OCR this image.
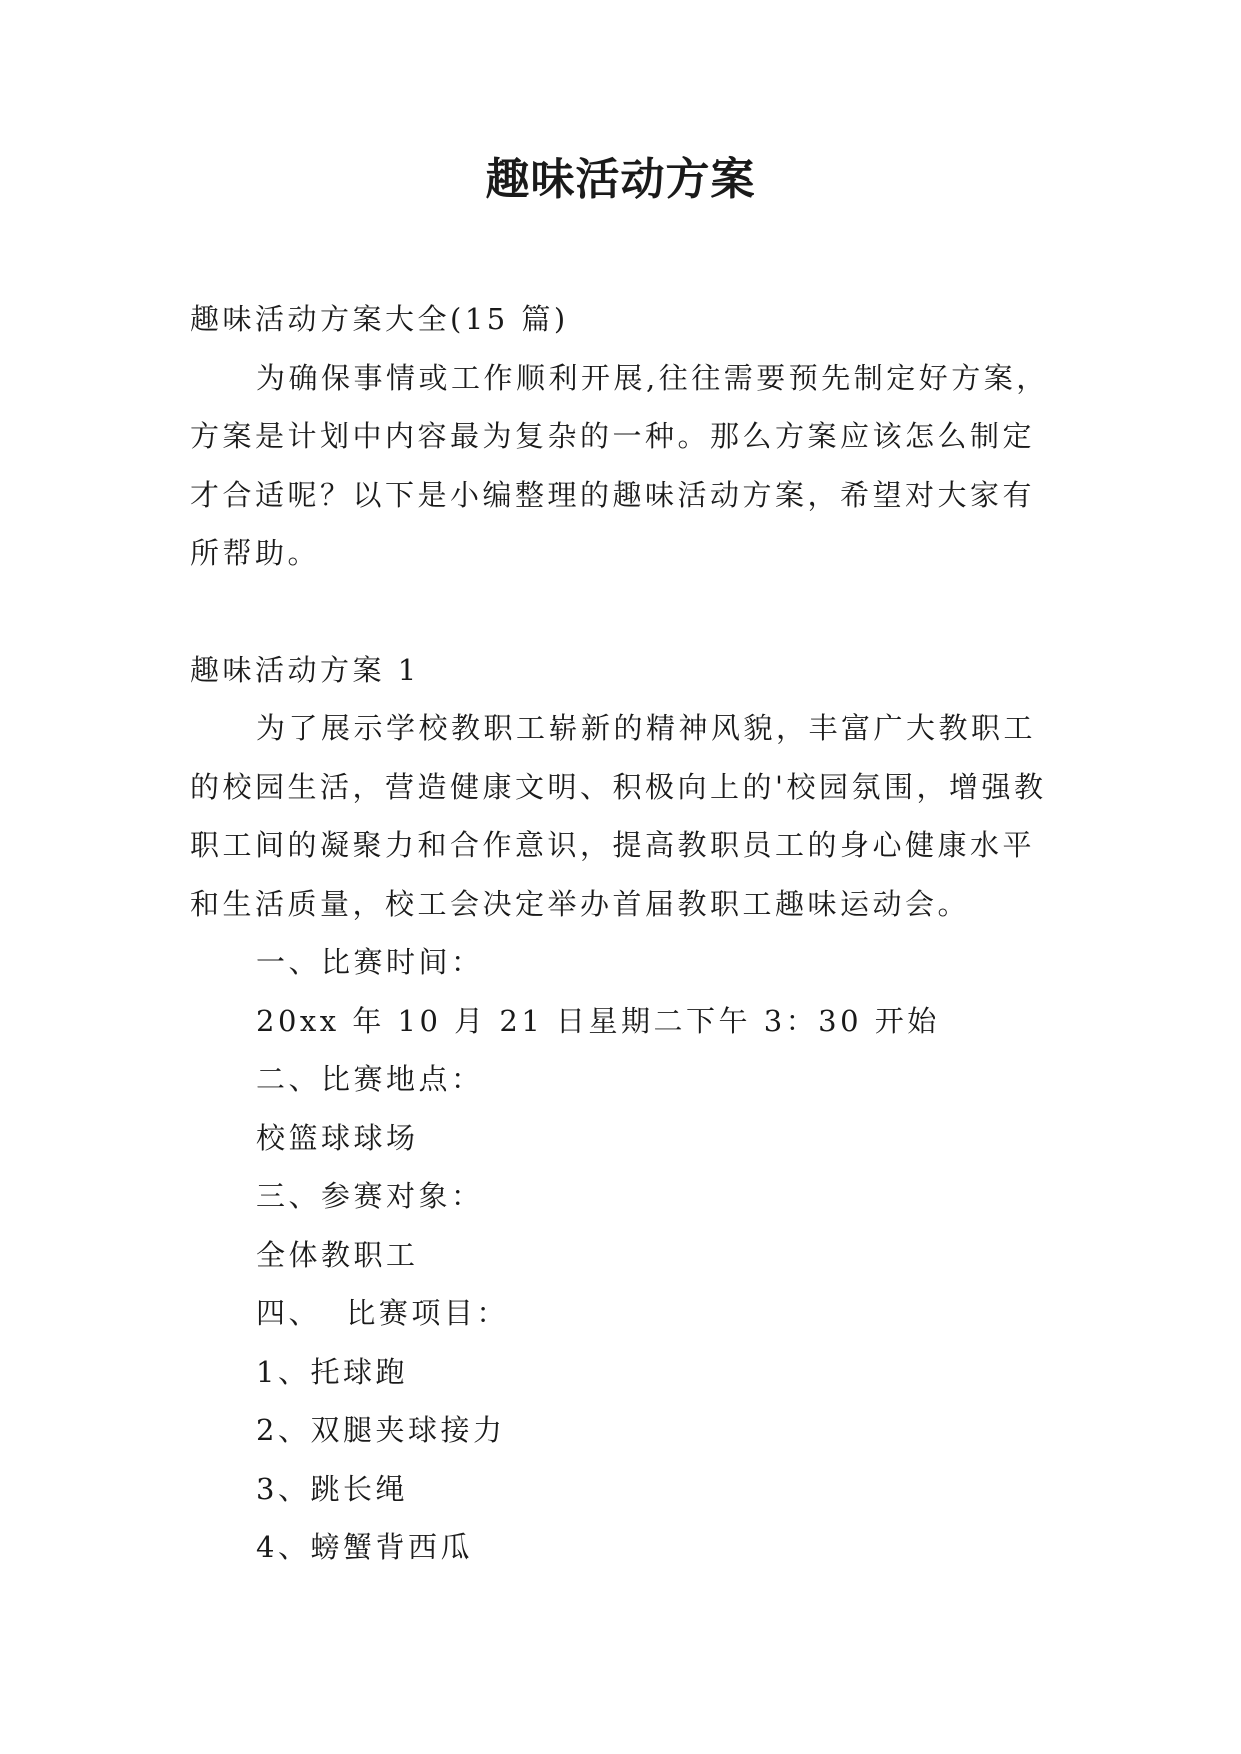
趣味活动方案

趣味活动方案大全(15 篇)

为确保事情或工作顺利开展,往往需要预先制定好方案，方案是计划中内容最为复杂的一种。那么方案应该怎么制定才合适呢？以下是小编整理的趣味活动方案，希望对大家有所帮助。

趣味活动方案 1

为了展示学校教职工崭新的精神风貌，丰富广大教职工的校园生活，营造健康文明、积极向上的'校园氛围，增强教职工间的凝聚力和合作意识，提高教职员工的身心健康水平和生活质量，校工会决定举办首届教职工趣味运动会。

一、比赛时间：

20xx 年 10 月 21 日星期二下午 3：30 开始

二、比赛地点：

校篮球球场

三、参赛对象：

全体教职工

四、  比赛项目：

1、托球跑

2、双腿夹球接力

3、跳长绳

4、螃蟹背西瓜
